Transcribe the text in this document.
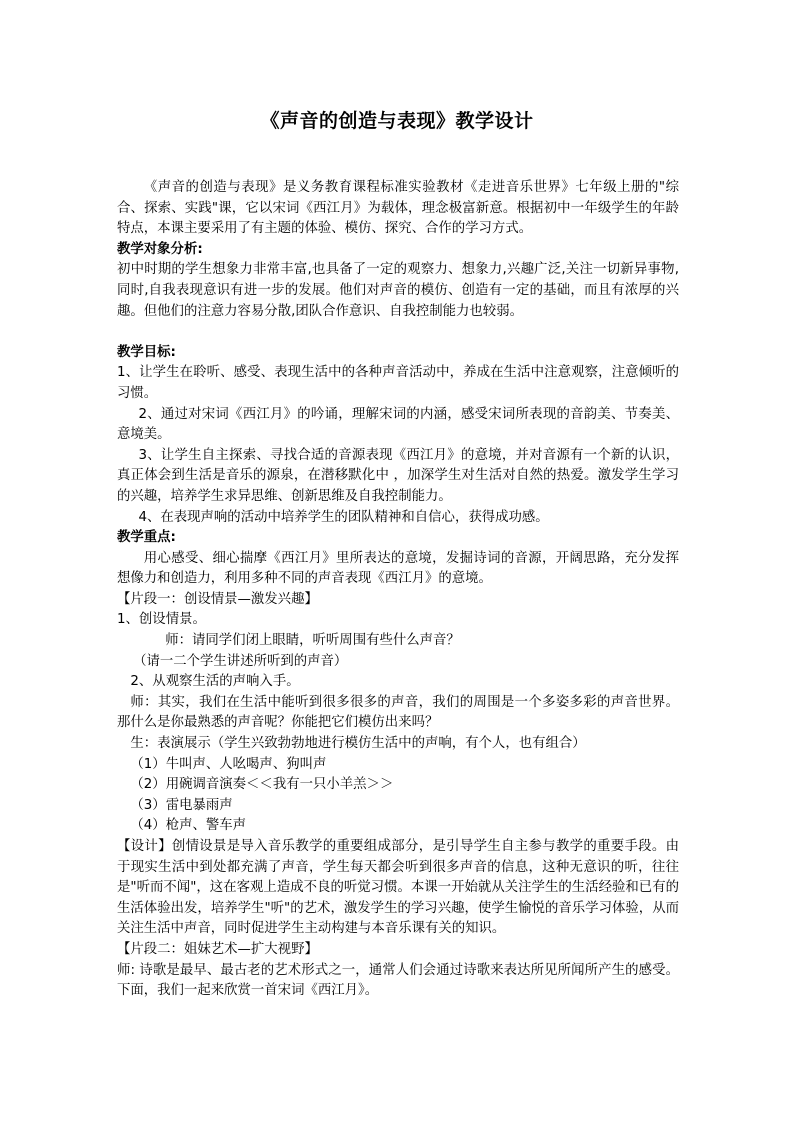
《声音的创造与表现》教学设计

《声音的创造与表现》是义务教育课程标准实验教材《走进音乐世界》七年级上册的"综合、探索、实践"课，它以宋词《西江月》为载体，理念极富新意。根据初中一年级学生的年龄特点，本课主要采用了有主题的体验、模仿、探究、合作的学习方式。

教学对象分析:

初中时期的学生想象力非常丰富,也具备了一定的观察力、想象力,兴趣广泛,关注一切新异事物,同时,自我表现意识有进一步的发展。他们对声音的模仿、创造有一定的基础，而且有浓厚的兴趣。但他们的注意力容易分散,团队合作意识、自我控制能力也较弱。

教学目标:

1、让学生在聆听、感受、表现生活中的各种声音活动中，养成在生活中注意观察，注意倾听的习惯。

2、通过对宋词《西江月》的吟诵，理解宋词的内涵，感受宋词所表现的音韵美、节奏美、意境美。

3、让学生自主探索、寻找合适的音源表现《西江月》的意境，并对音源有一个新的认识，真正体会到生活是音乐的源泉，在潜移默化中 ，加深学生对生活对自然的热爱。激发学生学习的兴趣，培养学生求异思维、创新思维及自我控制能力。

4、在表现声响的活动中培养学生的团队精神和自信心，获得成功感。

教学重点:

用心感受、细心揣摩《西江月》里所表达的意境，发掘诗词的音源，开阔思路，充分发挥想像力和创造力，利用多种不同的声音表现《西江月》的意境。

【片段一：创设情景—激发兴趣】

1、创设情景。

师：请同学们闭上眼睛，听听周围有些什么声音？

（请一二个学生讲述所听到的声音）

2、从观察生活的声响入手。

师：其实，我们在生活中能听到很多很多的声音，我们的周围是一个多姿多彩的声音世界。那什么是你最熟悉的声音呢？你能把它们模仿出来吗？

生：表演展示（学生兴致勃勃地进行模仿生活中的声响，有个人，也有组合）

（1）牛叫声、人吆喝声、狗叫声

（2）用碗调音演奏＜＜我有一只小羊羔＞＞

（3）雷电暴雨声

（4）枪声、警车声

【设计】创情设景是导入音乐教学的重要组成部分，是引导学生自主参与教学的重要手段。由于现实生活中到处都充满了声音，学生每天都会听到很多声音的信息，这种无意识的听，往往是"听而不闻"，这在客观上造成不良的听觉习惯。本课一开始就从关注学生的生活经验和已有的生活体验出发，培养学生"听"的艺术，激发学生的学习兴趣，使学生愉悦的音乐学习体验，从而关注生活中声音，同时促进学生主动构建与本音乐课有关的知识。

【片段二：姐妹艺术—扩大视野】

师: 诗歌是最早、最古老的艺术形式之一，通常人们会通过诗歌来表达所见所闻所产生的感受。下面，我们一起来欣赏一首宋词《西江月》。
